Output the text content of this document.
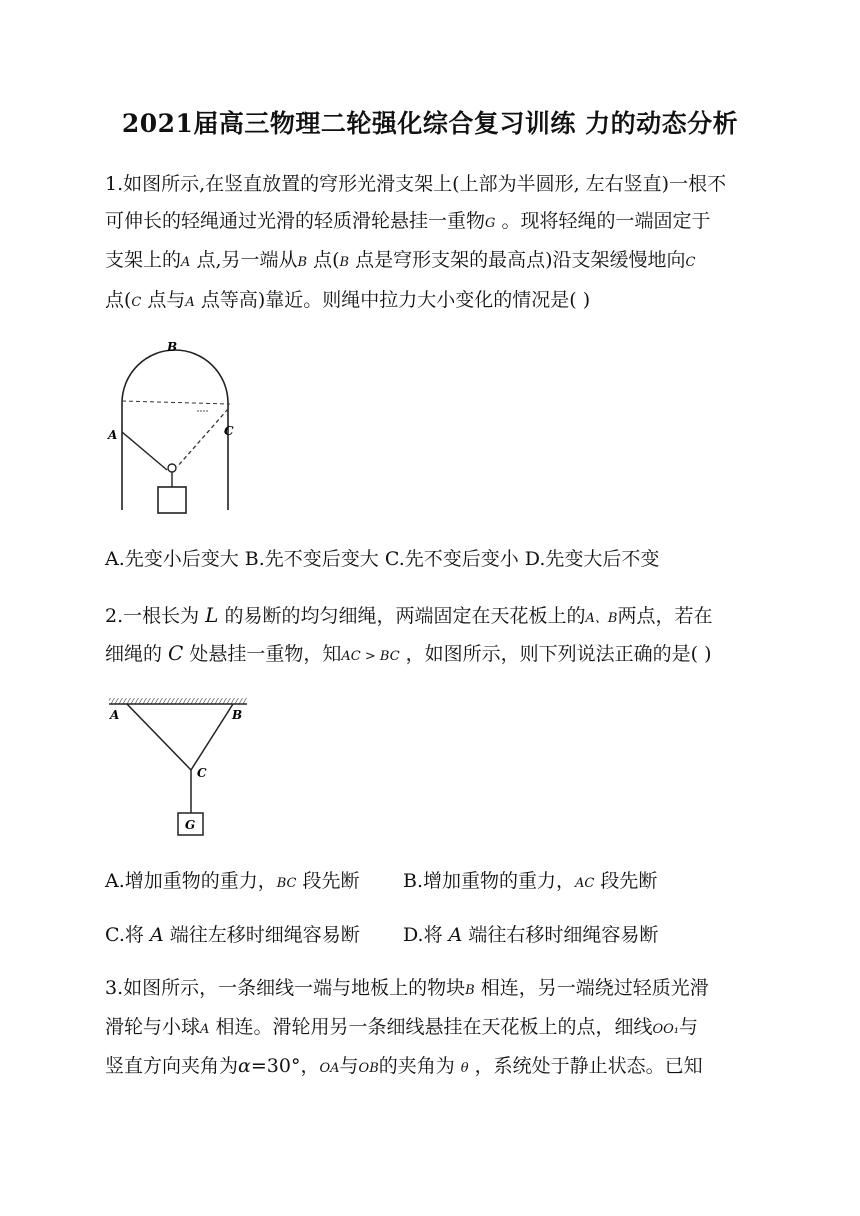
2021届高三物理二轮强化综合复习训练 力的动态分析
1.如图所示,在竖直放置的穹形光滑支架上(上部为半圆形, 左右竖直)一根不
可伸长的轻绳通过光滑的轻质滑轮悬挂一重物G 。现将轻绳的一端固定于
支架上的A 点,另一端从B 点(B 点是穹形支架的最高点)沿支架缓慢地向C
点(C 点与A 点等高)靠近。则绳中拉力大小变化的情况是( )
B
A	C
A.先变小后变大 B.先不变后变大 C.先不变后变小 D.先变大后不变
2.一根长为 L 的易断的均匀细绳，两端固定在天花板上的A、B两点，若在
细绳的 C 处悬挂一重物，知AC > BC ，如图所示，则下列说法正确的是( )
A	B
C
G
A.增加重物的重力，BC 段先断 B.增加重物的重力，AC 段先断
C.将 A 端往左移时细绳容易断 D.将 A 端往右移时细绳容易断
3.如图所示，一条细线一端与地板上的物块B 相连，另一端绕过轻质光滑
滑轮与小球A 相连。滑轮用另一条细线悬挂在天花板上的点，细线OO₁与
竖直方向夹角为α=30°，OA与OB的夹角为 θ ，系统处于静止状态。已知
